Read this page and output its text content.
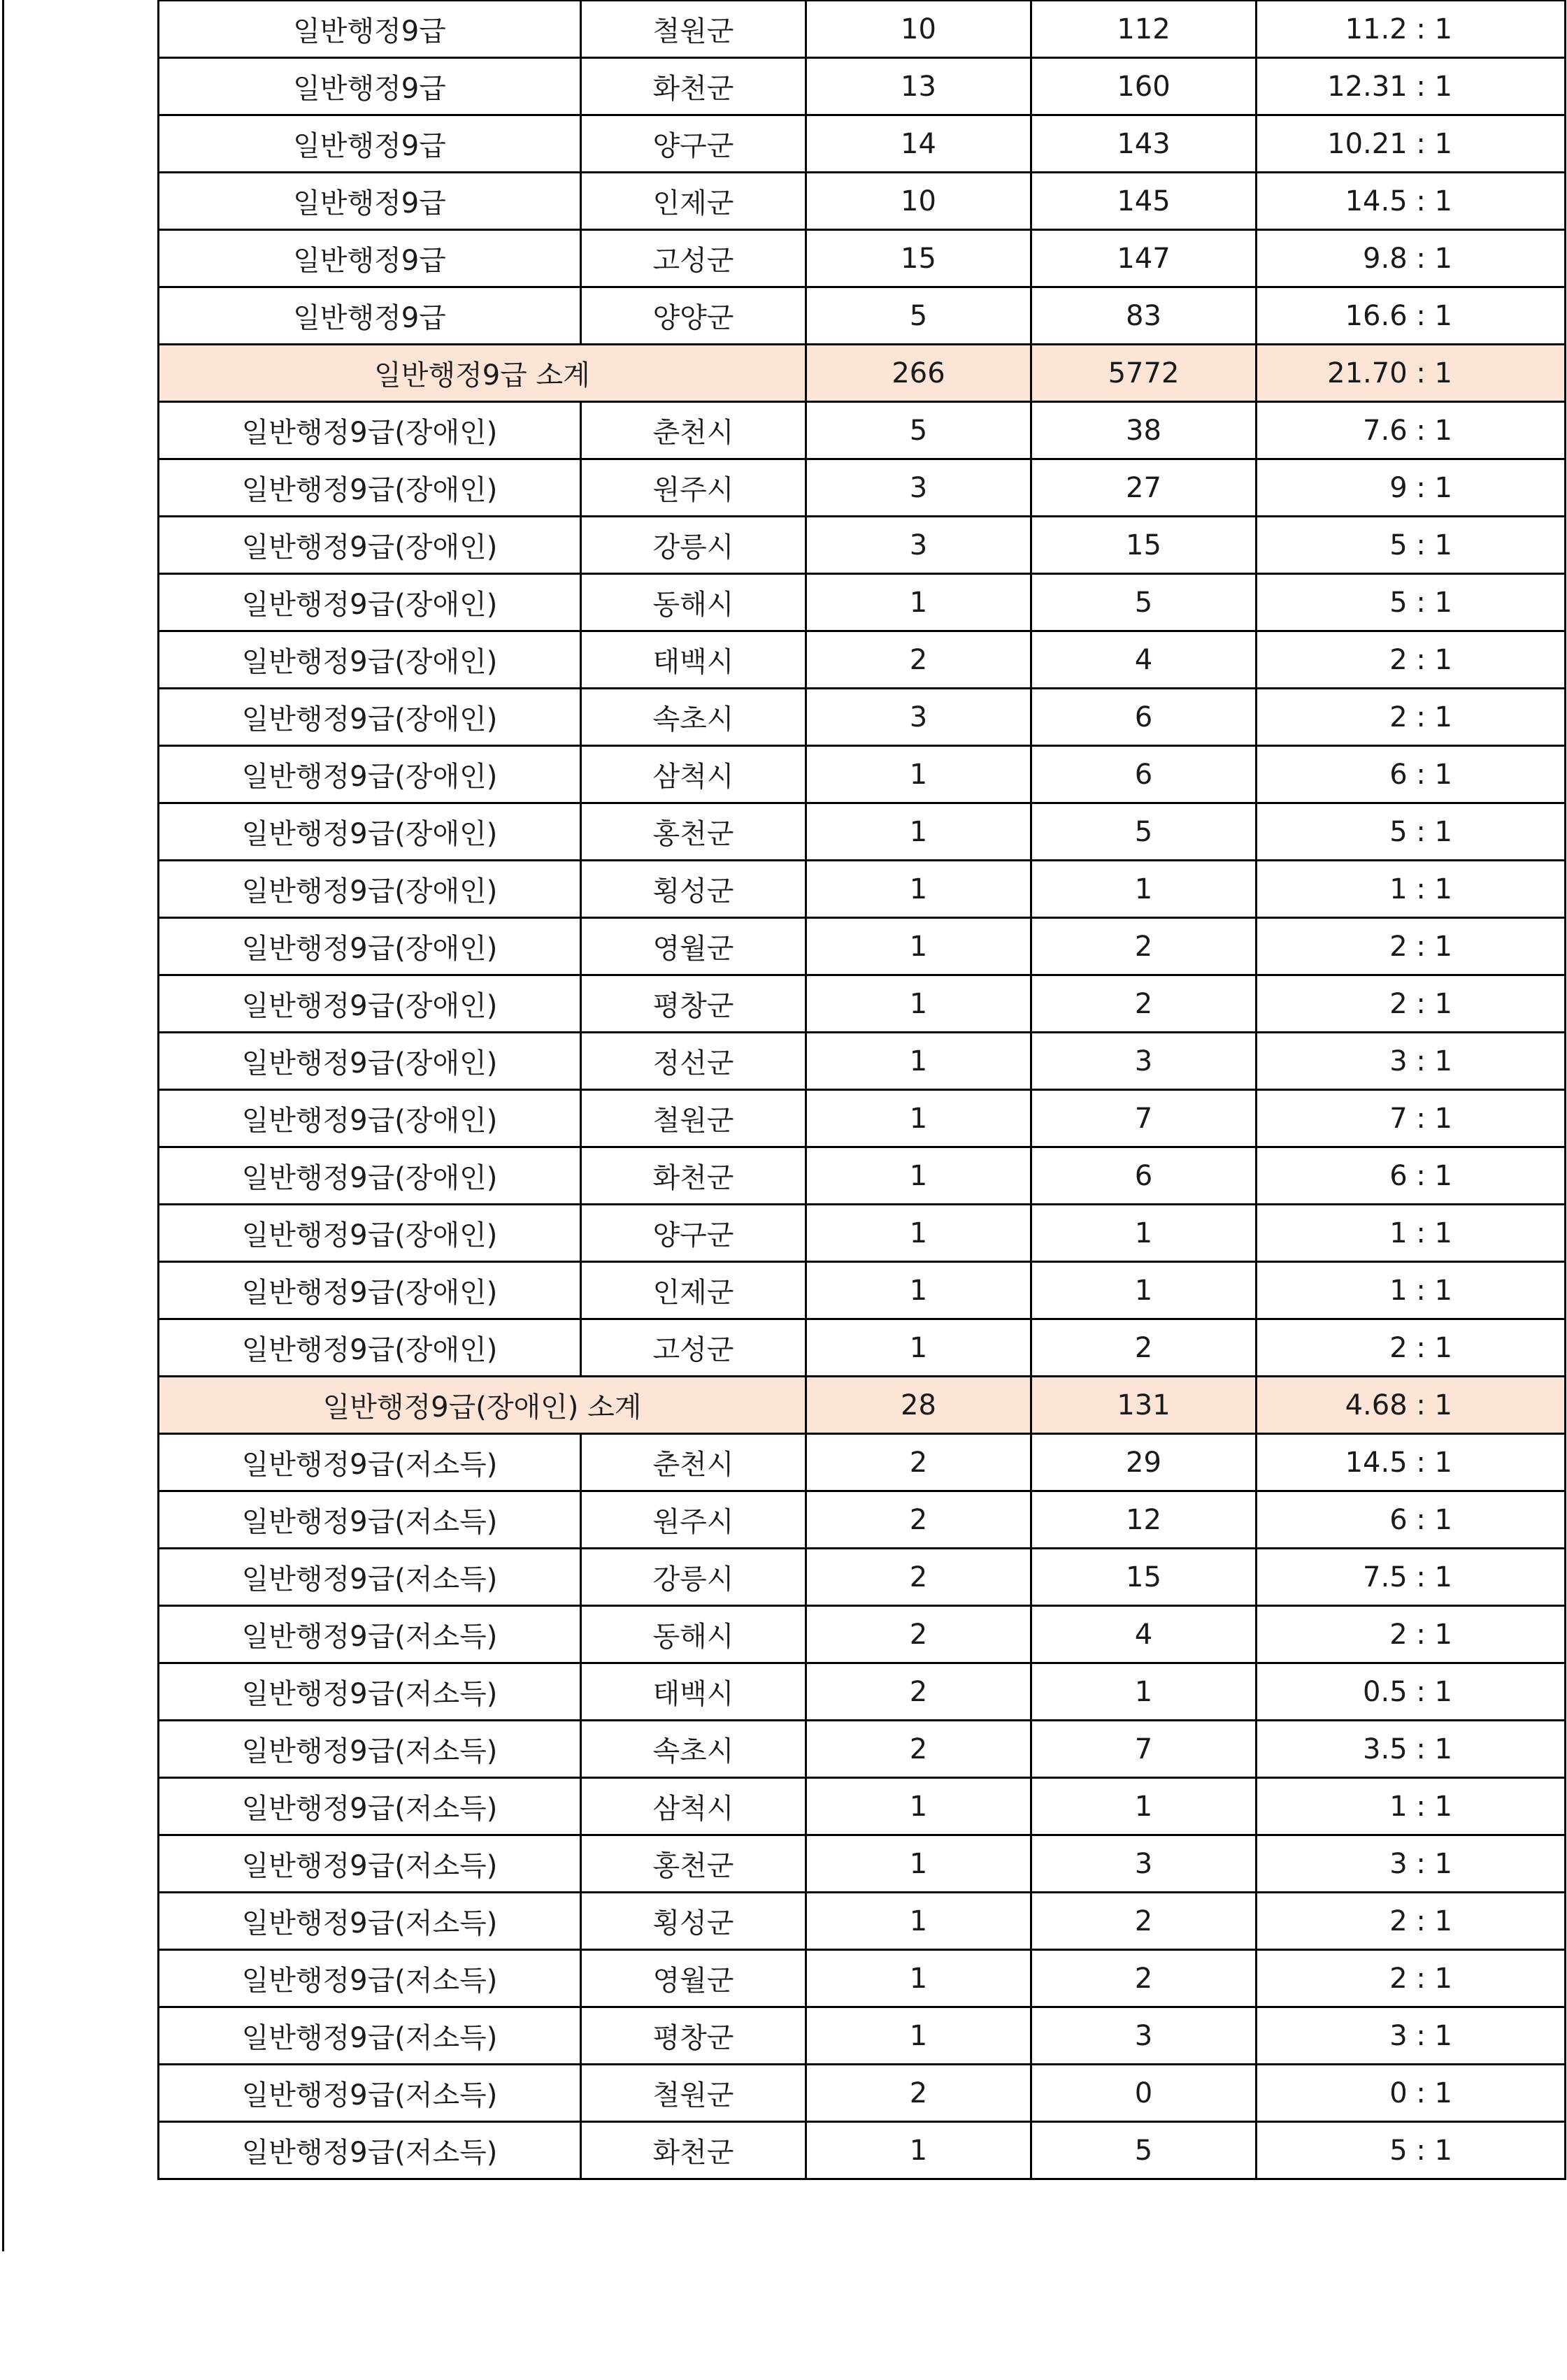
일반행정9급	철원군	10	112	11.2 : 1
일반행정9급	화천군	13	160	12.31 : 1
일반행정9급	양구군	14	143	10.21 : 1
일반행정9급	인제군	10	145	14.5 : 1
일반행정9급	고성군	15	147	9.8 : 1
일반행정9급	양양군	5	83	16.6 : 1
일반행정9급 소계		266	5772	21.70 : 1
일반행정9급(장애인)	춘천시	5	38	7.6 : 1
일반행정9급(장애인)	원주시	3	27	9 : 1
일반행정9급(장애인)	강릉시	3	15	5 : 1
일반행정9급(장애인)	동해시	1	5	5 : 1
일반행정9급(장애인)	태백시	2	4	2 : 1
일반행정9급(장애인)	속초시	3	6	2 : 1
일반행정9급(장애인)	삼척시	1	6	6 : 1
일반행정9급(장애인)	홍천군	1	5	5 : 1
일반행정9급(장애인)	횡성군	1	1	1 : 1
일반행정9급(장애인)	영월군	1	2	2 : 1
일반행정9급(장애인)	평창군	1	2	2 : 1
일반행정9급(장애인)	정선군	1	3	3 : 1
일반행정9급(장애인)	철원군	1	7	7 : 1
일반행정9급(장애인)	화천군	1	6	6 : 1
일반행정9급(장애인)	양구군	1	1	1 : 1
일반행정9급(장애인)	인제군	1	1	1 : 1
일반행정9급(장애인)	고성군	1	2	2 : 1
일반행정9급(장애인) 소계		28	131	4.68 : 1
일반행정9급(저소득)	춘천시	2	29	14.5 : 1
일반행정9급(저소득)	원주시	2	12	6 : 1
일반행정9급(저소득)	강릉시	2	15	7.5 : 1
일반행정9급(저소득)	동해시	2	4	2 : 1
일반행정9급(저소득)	태백시	2	1	0.5 : 1
일반행정9급(저소득)	속초시	2	7	3.5 : 1
일반행정9급(저소득)	삼척시	1	1	1 : 1
일반행정9급(저소득)	홍천군	1	3	3 : 1
일반행정9급(저소득)	횡성군	1	2	2 : 1
일반행정9급(저소득)	영월군	1	2	2 : 1
일반행정9급(저소득)	평창군	1	3	3 : 1
일반행정9급(저소득)	철원군	2	0	0 : 1
일반행정9급(저소득)	화천군	1	5	5 : 1
